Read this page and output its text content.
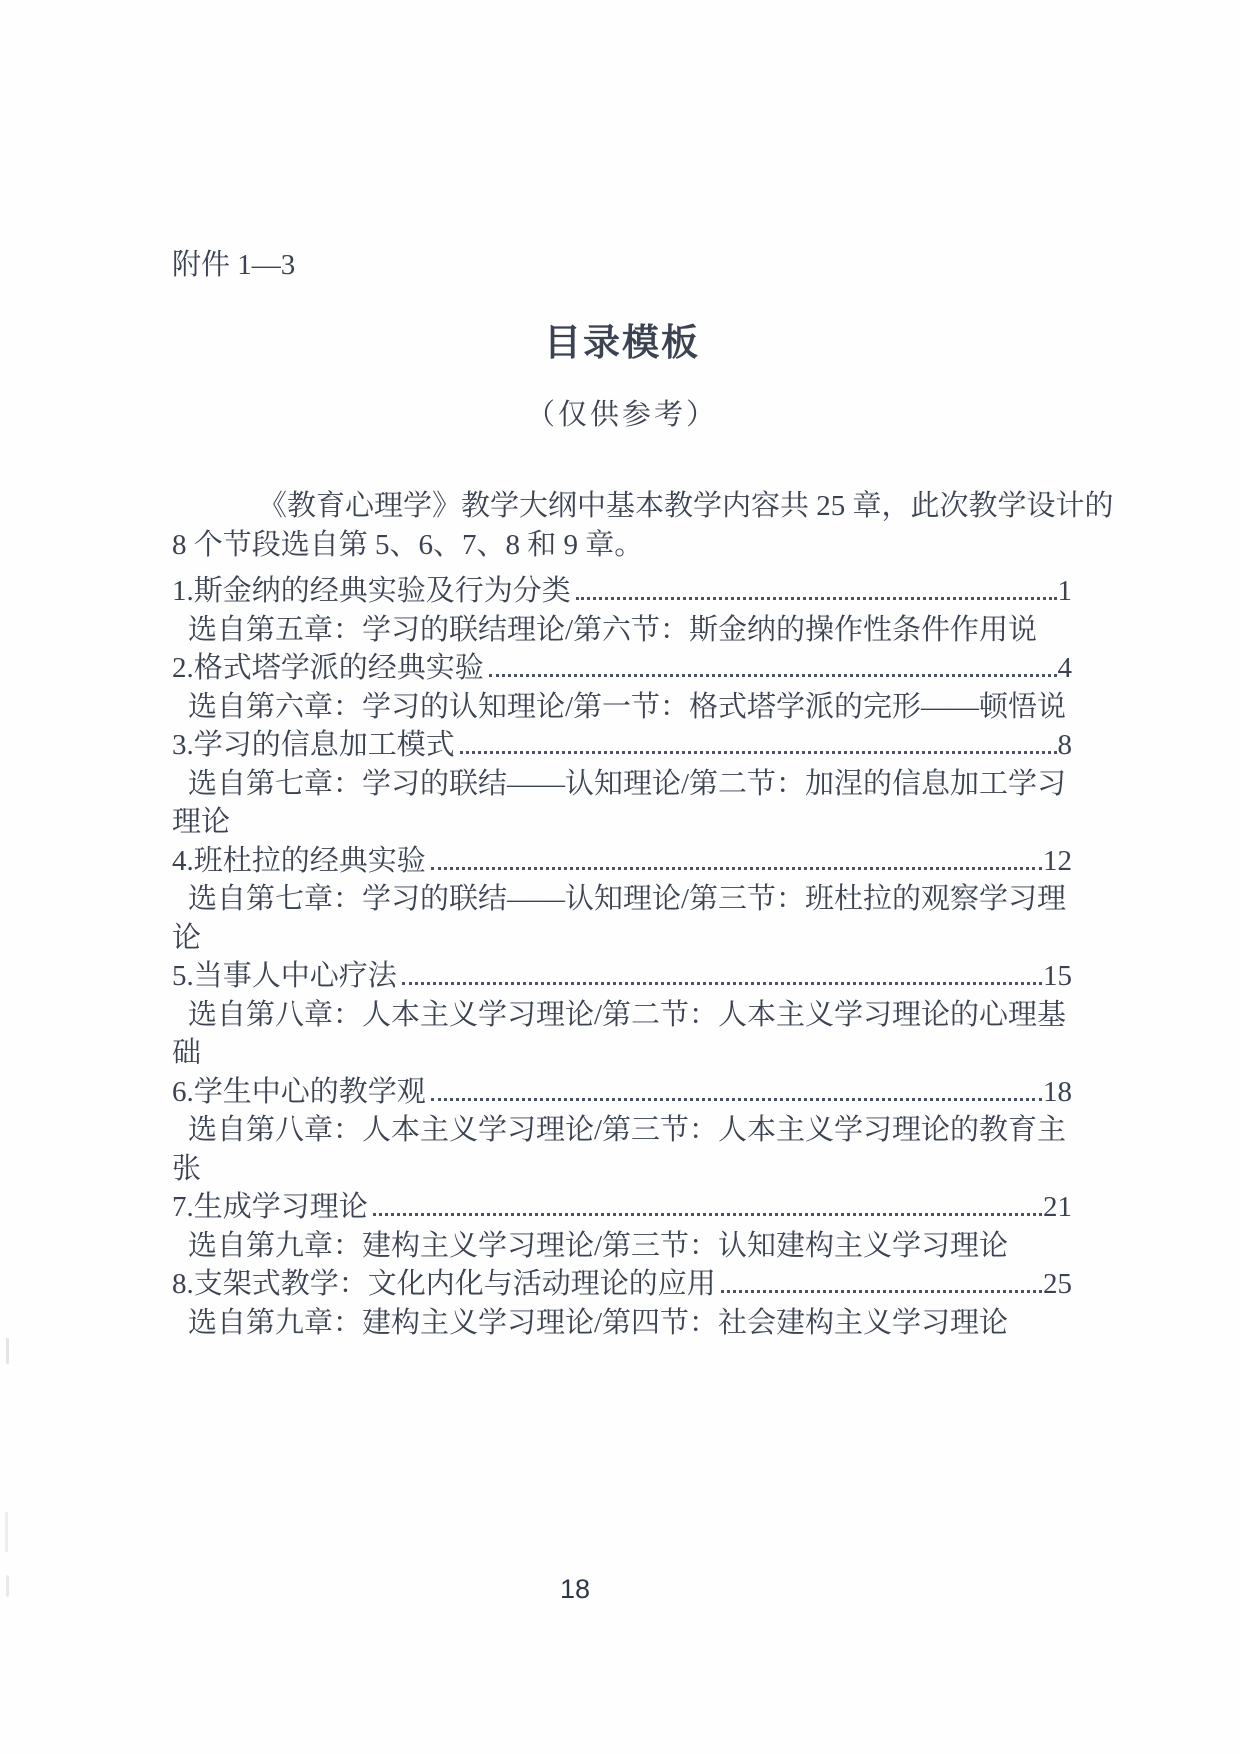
附件 1—3
目录模板
（仅供参考）
《教育心理学》教学大纲中基本教学内容共 25 章，此次教学设计的
8 个节段选自第 5、6、7、8 和 9 章。
1.斯金纳的经典实验及行为分类	1
选自第五章：学习的联结理论/第六节：斯金纳的操作性条件作用说
2.格式塔学派的经典实验	4
选自第六章：学习的认知理论/第一节：格式塔学派的完形——顿悟说
3.学习的信息加工模式	8
选自第七章：学习的联结——认知理论/第二节：加涅的信息加工学习
理论
4.班杜拉的经典实验	12
选自第七章：学习的联结——认知理论/第三节：班杜拉的观察学习理
论
5.当事人中心疗法	15
选自第八章：人本主义学习理论/第二节：人本主义学习理论的心理基
础
6.学生中心的教学观	18
选自第八章：人本主义学习理论/第三节：人本主义学习理论的教育主
张
7.生成学习理论	21
选自第九章：建构主义学习理论/第三节：认知建构主义学习理论
8.支架式教学：文化内化与活动理论的应用	25
选自第九章：建构主义学习理论/第四节：社会建构主义学习理论
18
